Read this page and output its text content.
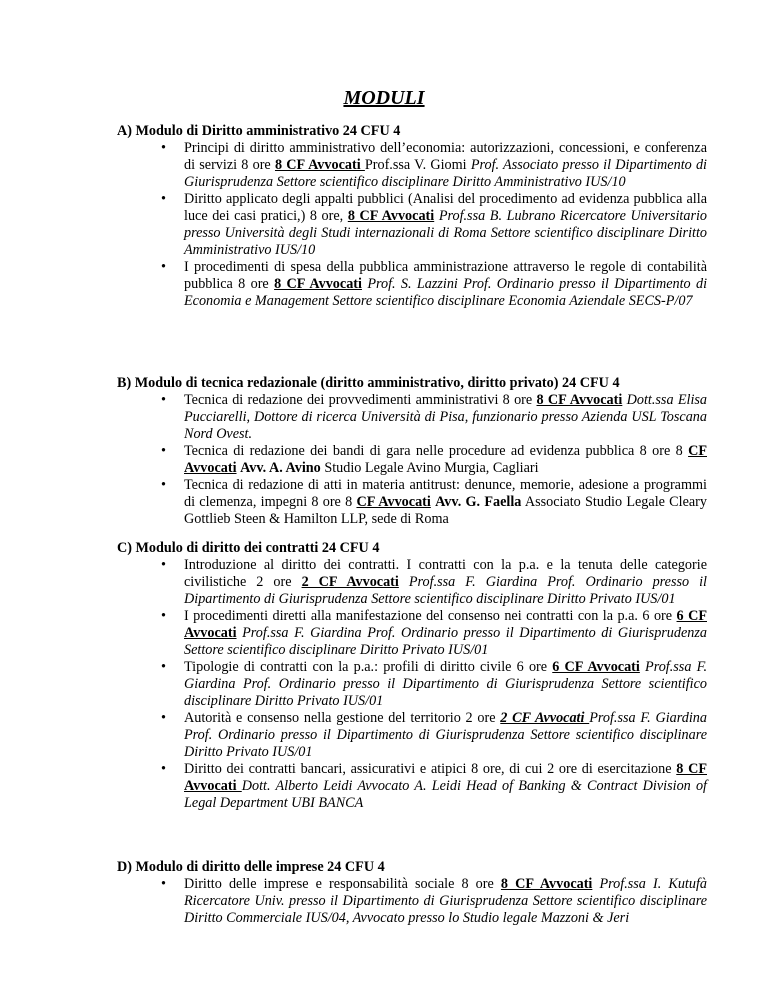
MODULI
A) Modulo di Diritto amministrativo 24 CFU 4
• Principi di diritto amministrativo dell’economia: autorizzazioni, concessioni, e conferenza di servizi 8 ore 8 CF Avvocati Prof.ssa V. Giomi Prof. Associato presso il Dipartimento di Giurisprudenza Settore scientifico disciplinare Diritto Amministrativo IUS/10
• Diritto applicato degli appalti pubblici (Analisi del procedimento ad evidenza pubblica alla luce dei casi pratici,) 8 ore, 8 CF Avvocati Prof.ssa B. Lubrano Ricercatore Universitario presso Università degli Studi internazionali di Roma Settore scientifico disciplinare Diritto Amministrativo IUS/10
• I procedimenti di spesa della pubblica amministrazione attraverso le regole di contabilità pubblica 8 ore 8 CF Avvocati Prof. S. Lazzini Prof. Ordinario presso il Dipartimento di Economia e Management Settore scientifico disciplinare Economia Aziendale SECS-P/07
B) Modulo di tecnica redazionale (diritto amministrativo, diritto privato) 24 CFU 4
• Tecnica di redazione dei provvedimenti amministrativi 8 ore 8 CF Avvocati Dott.ssa Elisa Pucciarelli, Dottore di ricerca Università di Pisa, funzionario presso Azienda USL Toscana Nord Ovest.
• Tecnica di redazione dei bandi di gara nelle procedure ad evidenza pubblica 8 ore 8 CF Avvocati Avv. A. Avino Studio Legale Avino Murgia, Cagliari
• Tecnica di redazione di atti in materia antitrust: denunce, memorie, adesione a programmi di clemenza, impegni 8 ore 8 CF Avvocati Avv. G. Faella Associato Studio Legale Cleary Gottlieb Steen & Hamilton LLP, sede di Roma
C) Modulo di diritto dei contratti 24 CFU 4
• Introduzione al diritto dei contratti. I contratti con la p.a. e la tenuta delle categorie civilistiche 2 ore 2 CF Avvocati Prof.ssa F. Giardina Prof. Ordinario presso il Dipartimento di Giurisprudenza Settore scientifico disciplinare Diritto Privato IUS/01
• I procedimenti diretti alla manifestazione del consenso nei contratti con la p.a. 6 ore 6 CF Avvocati Prof.ssa F. Giardina Prof. Ordinario presso il Dipartimento di Giurisprudenza Settore scientifico disciplinare Diritto Privato IUS/01
• Tipologie di contratti con la p.a.: profili di diritto civile 6 ore 6 CF Avvocati Prof.ssa F. Giardina Prof. Ordinario presso il Dipartimento di Giurisprudenza Settore scientifico disciplinare Diritto Privato IUS/01
• Autorità e consenso nella gestione del territorio 2 ore 2 CF Avvocati Prof.ssa F. Giardina Prof. Ordinario presso il Dipartimento di Giurisprudenza Settore scientifico disciplinare Diritto Privato IUS/01
• Diritto dei contratti bancari, assicurativi e atipici 8 ore, di cui 2 ore di esercitazione 8 CF Avvocati Dott. Alberto Leidi Avvocato A. Leidi Head of Banking & Contract Division of Legal Department UBI BANCA
D) Modulo di diritto delle imprese 24 CFU 4
• Diritto delle imprese e responsabilità sociale 8 ore 8 CF Avvocati Prof.ssa I. Kutufà Ricercatore Univ. presso il Dipartimento di Giurisprudenza Settore scientifico disciplinare Diritto Commerciale IUS/04, Avvocato presso lo Studio legale Mazzoni & Jeri
